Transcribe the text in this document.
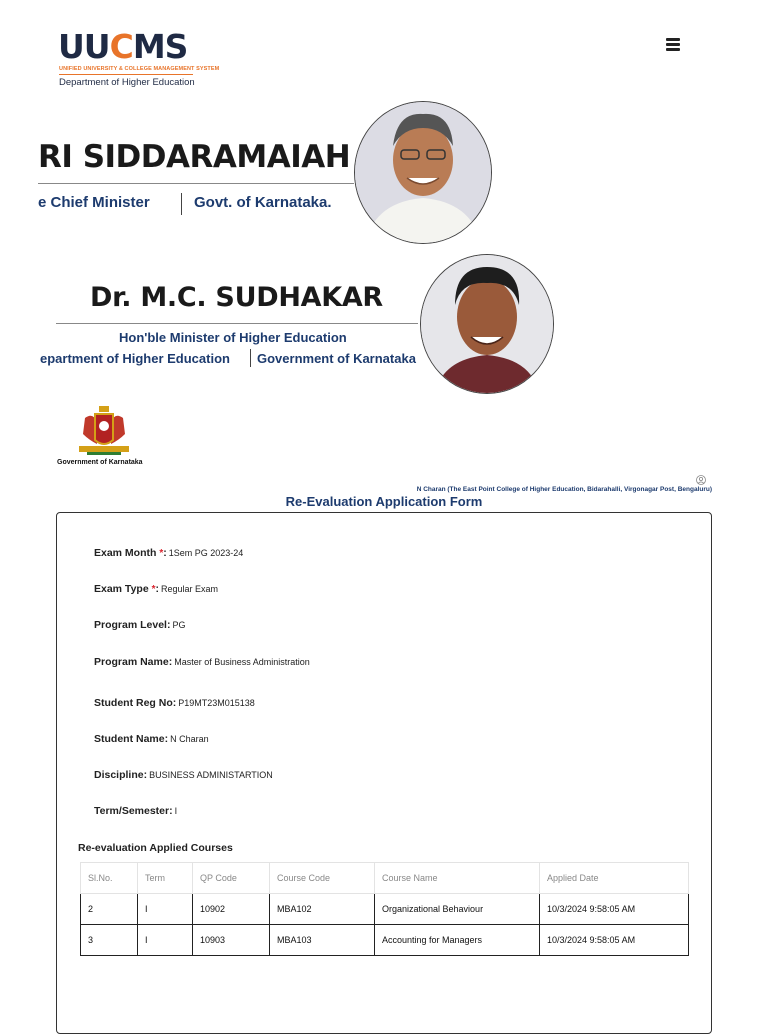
UUCMS
UNIFIED UNIVERSITY & COLLEGE MANAGEMENT SYSTEM
Department of Higher Education
RI SIDDARAMAIAH
e Chief Minister	Govt. of Karnataka.
Dr. M.C. SUDHAKAR
Hon'ble Minister of Higher Education
epartment of Higher Education Government of Karnataka
Government of Karnataka
N Charan (The East Point College of Higher Education, Bidarahalli, Virgonagar Post, Bengaluru)
Re-Evaluation Application Form
Exam Month *: 1Sem PG 2023-24
Exam Type *: Regular Exam
Program Level: PG
Program Name: Master of Business Administration
Student Reg No: P19MT23M015138
Student Name: N Charan
Discipline: BUSINESS ADMINISTARTION
Term/Semester: I
Re-evaluation Applied Courses
Sl.No.	Term	QP Code	Course Code	Course Name	Applied Date
2	I	10902	MBA102	Organizational Behaviour	10/3/2024 9:58:05 AM
3	I	10903	MBA103	Accounting for Managers	10/3/2024 9:58:05 AM
